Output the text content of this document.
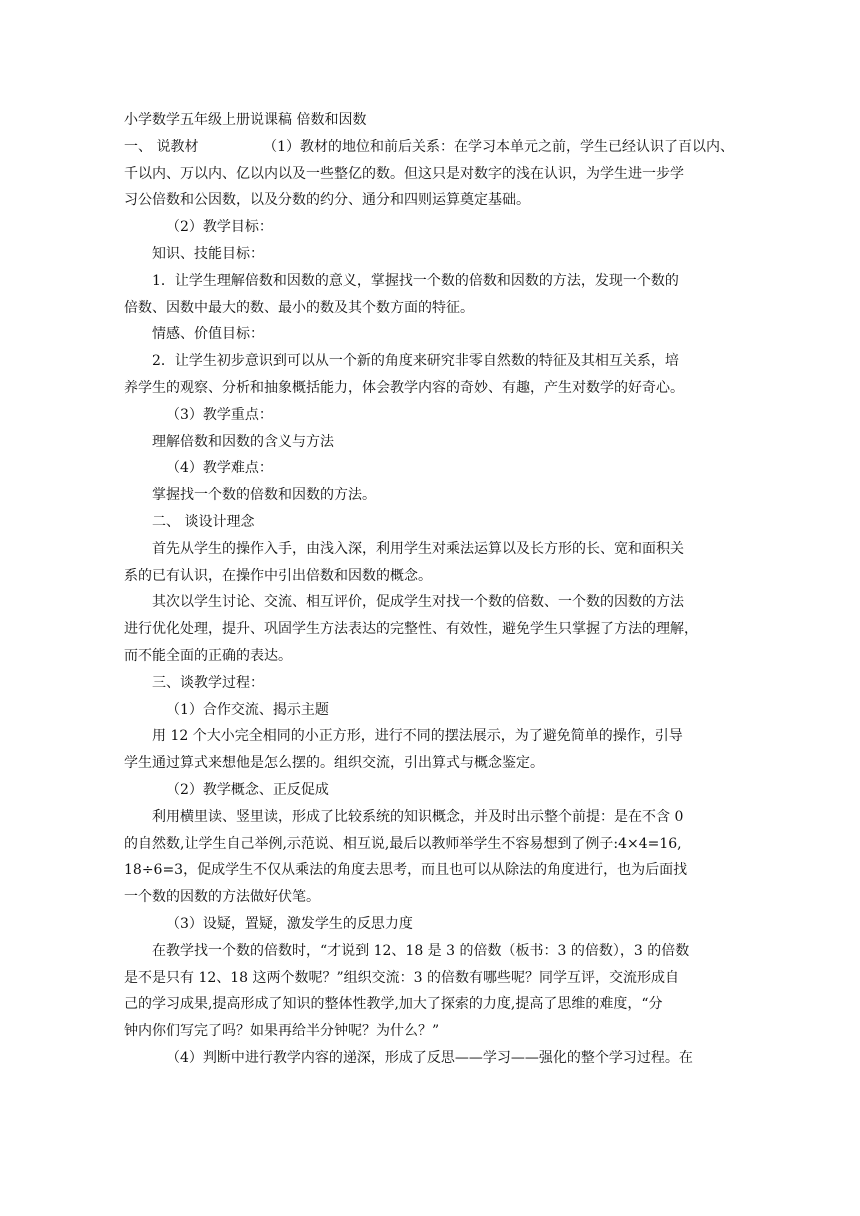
小学数学五年级上册说课稿 倍数和因数
一、 说教材	（1）教材的地位和前后关系：在学习本单元之前，学生已经认识了百以内、
千以内、万以内、亿以内以及一些整亿的数。但这只是对数字的浅在认识，为学生进一步学
习公倍数和公因数，以及分数的约分、通分和四则运算奠定基础。
（2）教学目标：
知识、技能目标：
1．让学生理解倍数和因数的意义，掌握找一个数的倍数和因数的方法，发现一个数的
倍数、因数中最大的数、最小的数及其个数方面的特征。
情感、价值目标：
2．让学生初步意识到可以从一个新的角度来研究非零自然数的特征及其相互关系，培
养学生的观察、分析和抽象概括能力，体会教学内容的奇妙、有趣，产生对数学的好奇心。
（3）教学重点：
理解倍数和因数的含义与方法
（4）教学难点：
掌握找一个数的倍数和因数的方法。
二、 谈设计理念
首先从学生的操作入手，由浅入深，利用学生对乘法运算以及长方形的长、宽和面积关
系的已有认识，在操作中引出倍数和因数的概念。
其次以学生讨论、交流、相互评价，促成学生对找一个数的倍数、一个数的因数的方法
进行优化处理，提升、巩固学生方法表达的完整性、有效性，避免学生只掌握了方法的理解，
而不能全面的正确的表达。
三、谈教学过程：
（1）合作交流、揭示主题
用 12 个大小完全相同的小正方形，进行不同的摆法展示，为了避免简单的操作，引导
学生通过算式来想他是怎么摆的。组织交流，引出算式与概念鉴定。
（2）教学概念、正反促成
利用横里读、竖里读，形成了比较系统的知识概念，并及时出示整个前提：是在不含 0
的自然数,让学生自己举例,示范说、相互说,最后以教师举学生不容易想到了例子:4×4=16,
18÷6=3，促成学生不仅从乘法的角度去思考，而且也可以从除法的角度进行，也为后面找
一个数的因数的方法做好伏笔。
（3）设疑，置疑，激发学生的反思力度
在教学找一个数的倍数时，“才说到 12、18 是 3 的倍数（板书：3 的倍数），3 的倍数
是不是只有 12、18 这两个数呢？”组织交流：3 的倍数有哪些呢？同学互评，交流形成自
己的学习成果,提高形成了知识的整体性教学,加大了探索的力度,提高了思维的难度，“分
钟内你们写完了吗？如果再给半分钟呢？为什么？”
（4）判断中进行教学内容的递深，形成了反思——学习——强化的整个学习过程。在
